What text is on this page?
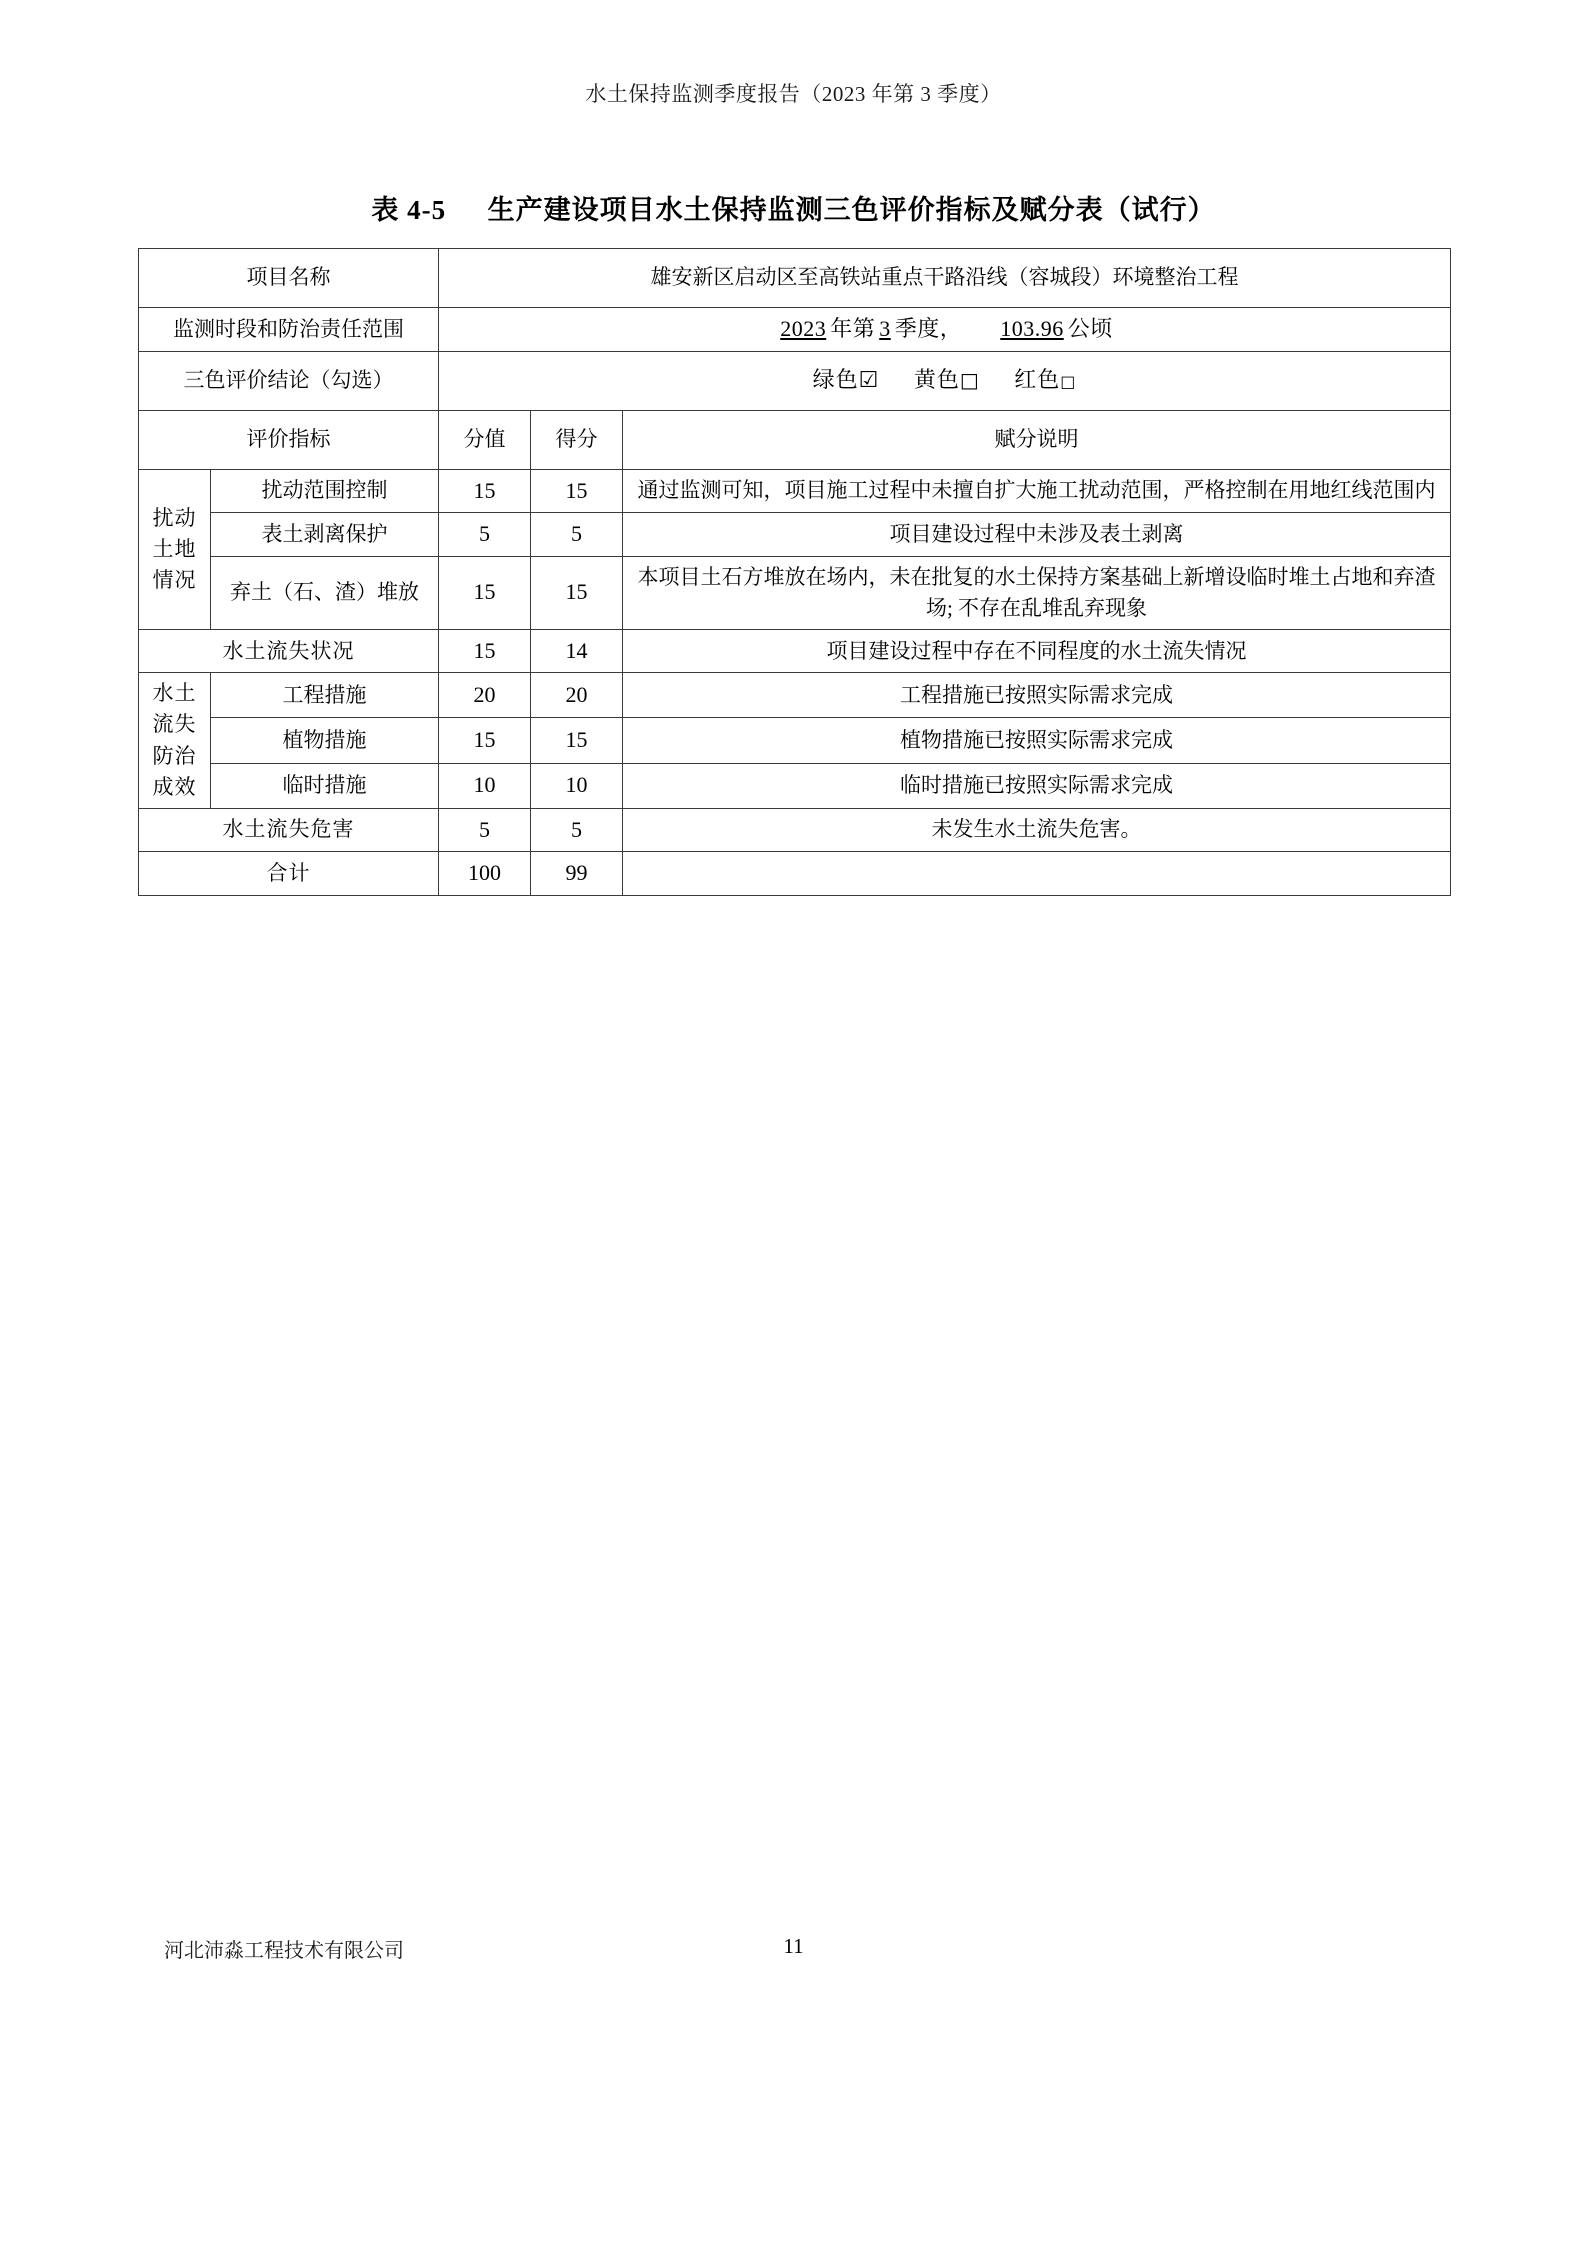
水土保持监测季度报告（2023 年第 3 季度）
表 4-5 生产建设项目水土保持监测三色评价指标及赋分表（试行）
项目名称		雄安新区启动区至高铁站重点干路沿线（容城段）环境整治工程		
监测时段和防治责任范围		2023 年第 3 季度， 103.96 公顷		
三色评价结论（勾选）		绿色☑ 黄色□ 红色□		
评价指标		分值	得分	赋分说明
扰动土地情况	扰动范围控制	15	15	通过监测可知，项目施工过程中未擅自扩大施工扰动范围，严格控制在用地红线范围内
	表土剥离保护	5	5	项目建设过程中未涉及表土剥离
	弃土（石、渣）堆放	15	15	本项目土石方堆放在场内，未在批复的水土保持方案基础上新增设临时堆土占地和弃渣场; 不存在乱堆乱弃现象
水土流失状况		15	14	项目建设过程中存在不同程度的水土流失情况
水土流失防治成效	工程措施	20	20	工程措施已按照实际需求完成
	植物措施	15	15	植物措施已按照实际需求完成
	临时措施	10	10	临时措施已按照实际需求完成
水土流失危害		5	5	未发生水土流失危害。
合计		100	99	
河北沛淼工程技术有限公司	11
